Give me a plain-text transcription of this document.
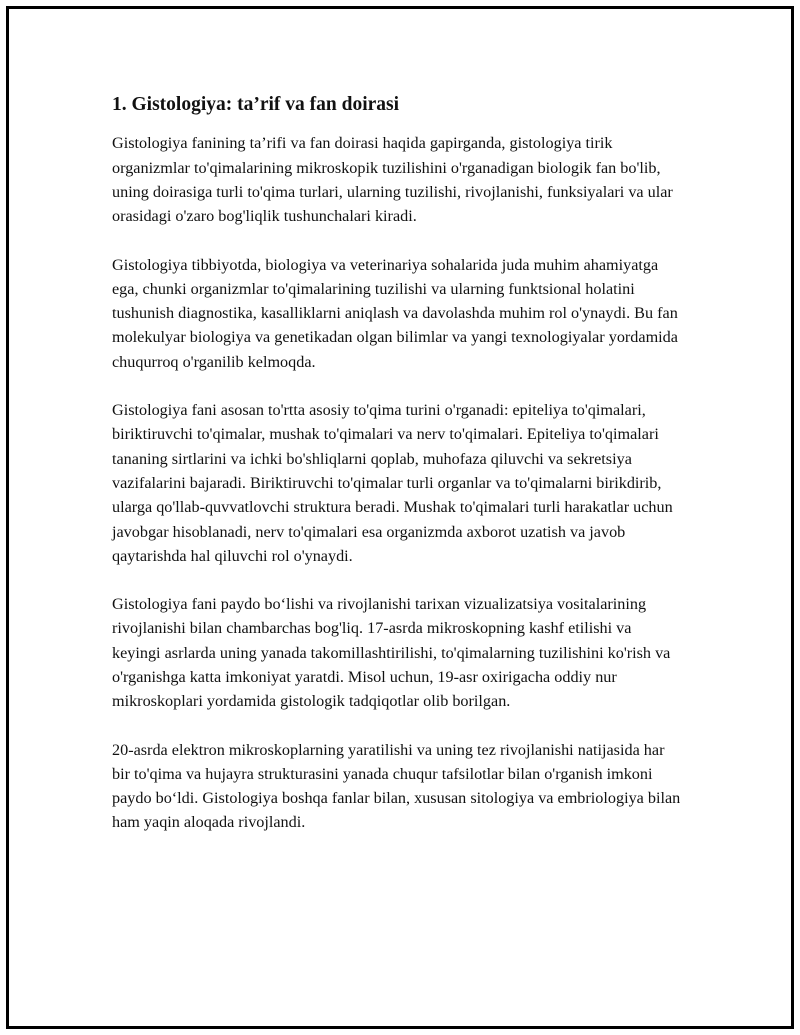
1. Gistologiya: ta’rif va fan doirasi

Gistologiya fanining ta’rifi va fan doirasi haqida gapirganda, gistologiya tirik organizmlar to'qimalarining mikroskopik tuzilishini o'rganadigan biologik fan bo'lib, uning doirasiga turli to'qima turlari, ularning tuzilishi, rivojlanishi, funksiyalari va ular orasidagi o'zaro bog'liqlik tushunchalari kiradi.

Gistologiya tibbiyotda, biologiya va veterinariya sohalarida juda muhim ahamiyatga ega, chunki organizmlar to'qimalarining tuzilishi va ularning funktsional holatini tushunish diagnostika, kasalliklarni aniqlash va davolashda muhim rol o'ynaydi. Bu fan molekulyar biologiya va genetikadan olgan bilimlar va yangi texnologiyalar yordamida chuqurroq o'rganilib kelmoqda.

Gistologiya fani asosan to'rtta asosiy to'qima turini o'rganadi: epiteliya to'qimalari, biriktiruvchi to'qimalar, mushak to'qimalari va nerv to'qimalari. Epiteliya to'qimalari tananing sirtlarini va ichki bo'shliqlarni qoplab, muhofaza qiluvchi va sekretsiya vazifalarini bajaradi. Biriktiruvchi to'qimalar turli organlar va to'qimalarni birikdirib, ularga qo'llab-quvvatlovchi struktura beradi. Mushak to'qimalari turli harakatlar uchun javobgar hisoblanadi, nerv to'qimalari esa organizmda axborot uzatish va javob qaytarishda hal qiluvchi rol o'ynaydi.

Gistologiya fani paydo bo‘lishi va rivojlanishi tarixan vizualizatsiya vositalarining rivojlanishi bilan chambarchas bog'liq. 17-asrda mikroskopning kashf etilishi va keyingi asrlarda uning yanada takomillashtirilishi, to'qimalarning tuzilishini ko'rish va o'rganishga katta imkoniyat yaratdi. Misol uchun, 19-asr oxirigacha oddiy nur mikroskoplari yordamida gistologik tadqiqotlar olib borilgan.

20-asrda elektron mikroskoplarning yaratilishi va uning tez rivojlanishi natijasida har bir to'qima va hujayra strukturasini yanada chuqur tafsilotlar bilan o'rganish imkoni paydo bo‘ldi. Gistologiya boshqa fanlar bilan, xususan sitologiya va embriologiya bilan ham yaqin aloqada rivojlandi.
